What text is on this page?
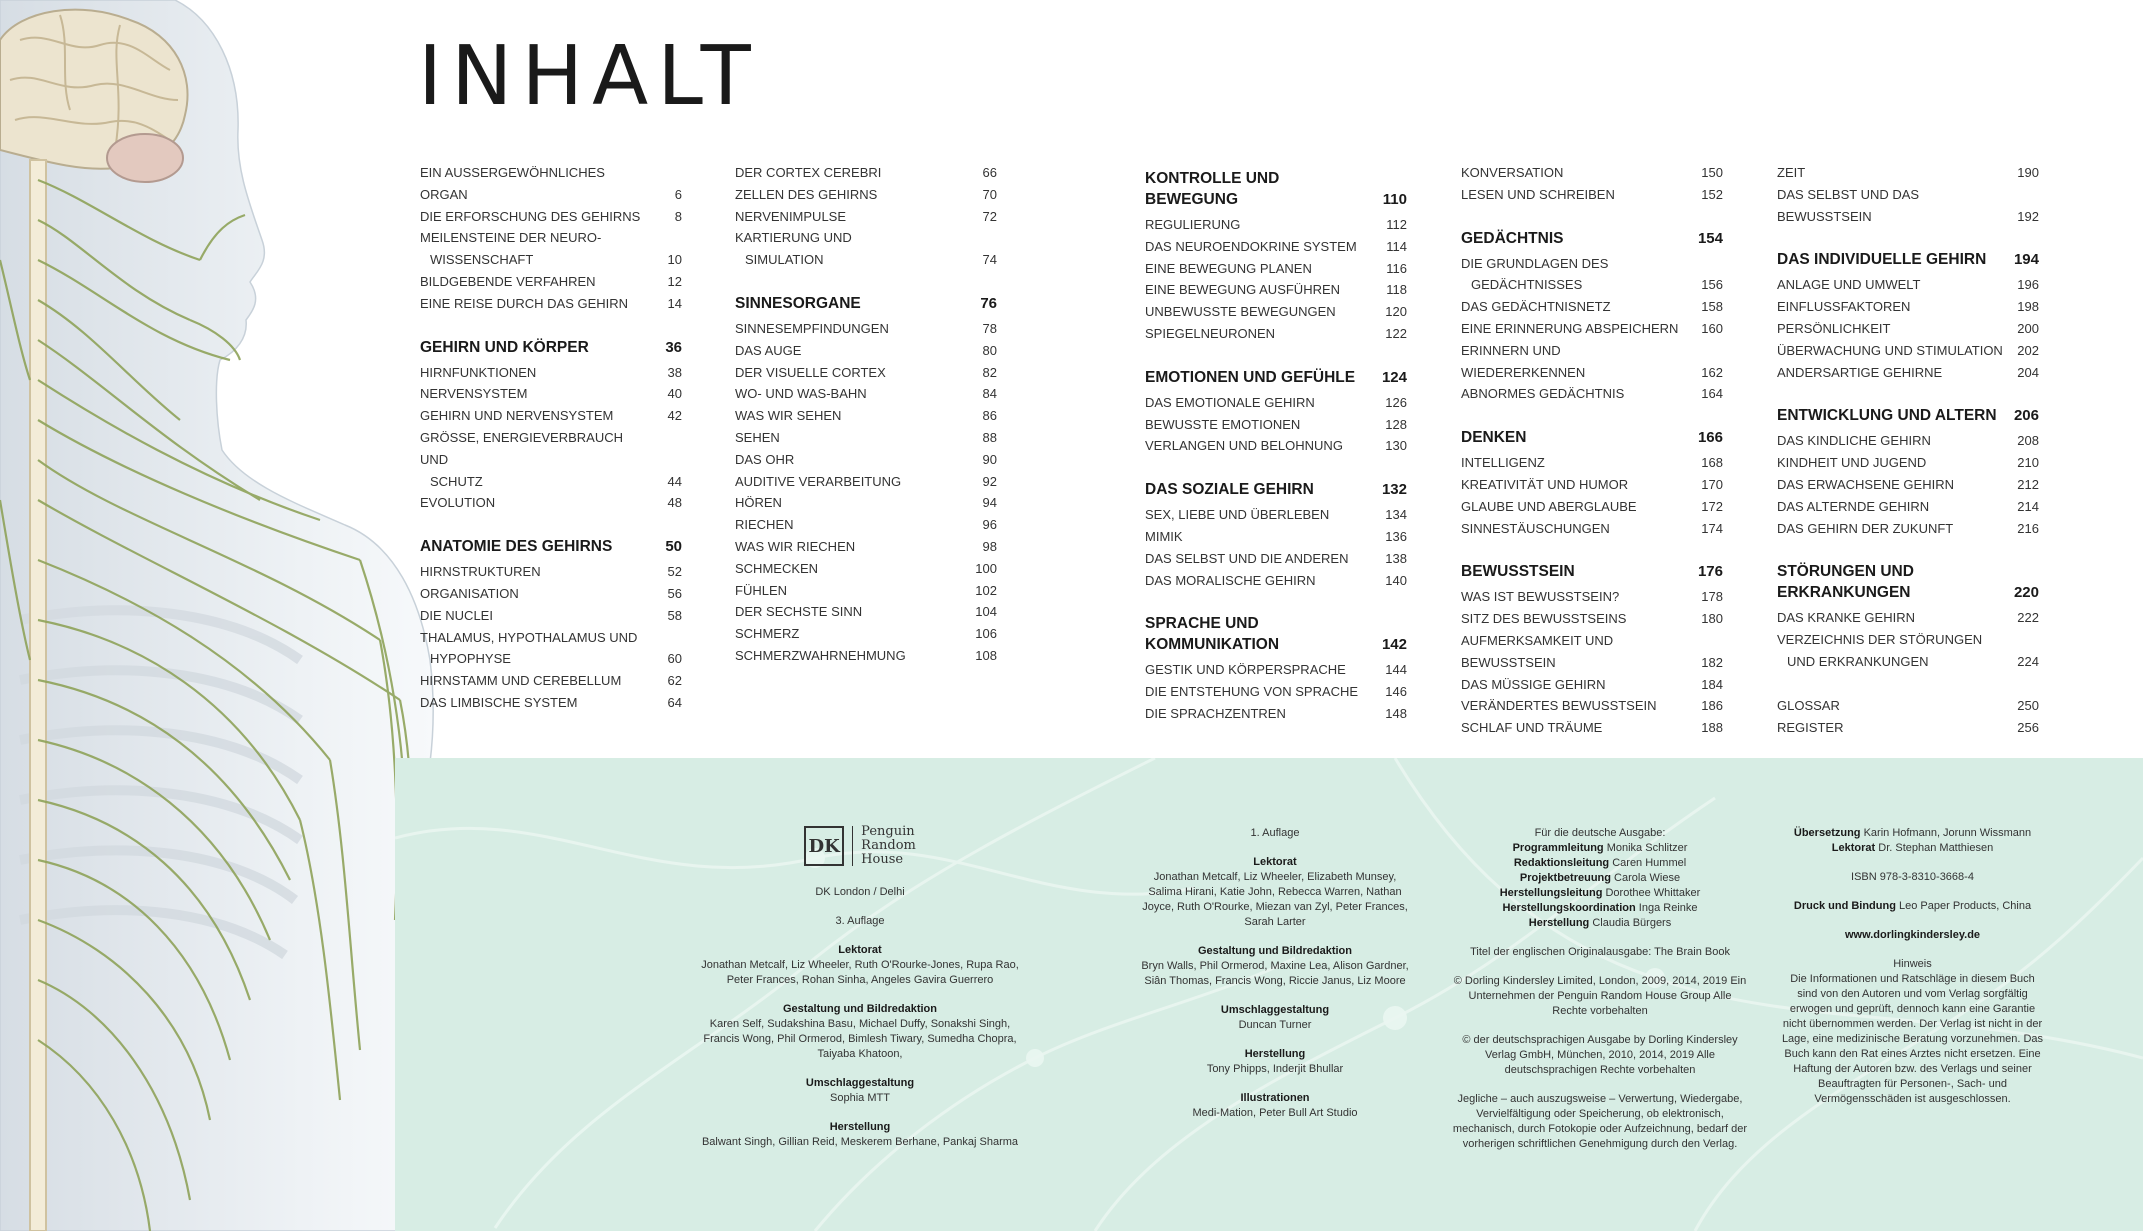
INHALT
EIN AUSSERGEWÖHNLICHES ORGAN	6
DIE ERFORSCHUNG DES GEHIRNS	8
MEILENSTEINE DER NEURO-
WISSENSCHAFT	10
BILDGEBENDE VERFAHREN	12
EINE REISE DURCH DAS GEHIRN	14
GEHIRN UND KÖRPER	36
HIRNFUNKTIONEN	38
NERVENSYSTEM	40
GEHIRN UND NERVENSYSTEM	42
GRÖSSE, ENERGIEVERBRAUCH UND
SCHUTZ	44
EVOLUTION	48
ANATOMIE DES GEHIRNS	50
HIRNSTRUKTUREN	52
ORGANISATION	56
DIE NUCLEI	58
THALAMUS, HYPOTHALAMUS UND
HYPOPHYSE	60
HIRNSTAMM UND CEREBELLUM	62
DAS LIMBISCHE SYSTEM	64
DER CORTEX CEREBRI	66
ZELLEN DES GEHIRNS	70
NERVENIMPULSE	72
KARTIERUNG UND
SIMULATION	74
SINNESORGANE	76
SINNESEMPFINDUNGEN	78
DAS AUGE	80
DER VISUELLE CORTEX	82
WO- UND WAS-BAHN	84
WAS WIR SEHEN	86
SEHEN	88
DAS OHR	90
AUDITIVE VERARBEITUNG	92
HÖREN	94
RIECHEN	96
WAS WIR RIECHEN	98
SCHMECKEN	100
FÜHLEN	102
DER SECHSTE SINN	104
SCHMERZ	106
SCHMERZWAHRNEHMUNG	108
KONTROLLE UND BEWEGUNG	110
REGULIERUNG	112
DAS NEUROENDOKRINE SYSTEM	114
EINE BEWEGUNG PLANEN	116
EINE BEWEGUNG AUSFÜHREN	118
UNBEWUSSTE BEWEGUNGEN	120
SPIEGELNEURONEN	122
EMOTIONEN UND GEFÜHLE	124
DAS EMOTIONALE GEHIRN	126
BEWUSSTE EMOTIONEN	128
VERLANGEN UND BELOHNUNG	130
DAS SOZIALE GEHIRN	132
SEX, LIEBE UND ÜBERLEBEN	134
MIMIK	136
DAS SELBST UND DIE ANDEREN	138
DAS MORALISCHE GEHIRN	140
SPRACHE UND KOMMUNIKATION	142
GESTIK UND KÖRPERSPRACHE	144
DIE ENTSTEHUNG VON SPRACHE	146
DIE SPRACHZENTREN	148
KONVERSATION	150
LESEN UND SCHREIBEN	152
GEDÄCHTNIS	154
DIE GRUNDLAGEN DES
GEDÄCHTNISSES	156
DAS GEDÄCHTNISNETZ	158
EINE ERINNERUNG ABSPEICHERN	160
ERINNERN UND WIEDERERKENNEN	162
ABNORMES GEDÄCHTNIS	164
DENKEN	166
INTELLIGENZ	168
KREATIVITÄT UND HUMOR	170
GLAUBE UND ABERGLAUBE	172
SINNESTÄUSCHUNGEN	174
BEWUSSTSEIN	176
WAS IST BEWUSSTSEIN?	178
SITZ DES BEWUSSTSEINS	180
AUFMERKSAMKEIT UND BEWUSSTSEIN	182
DAS MÜSSIGE GEHIRN	184
VERÄNDERTES BEWUSSTSEIN	186
SCHLAF UND TRÄUME	188
ZEIT	190
DAS SELBST UND DAS BEWUSSTSEIN	192
DAS INDIVIDUELLE GEHIRN	194
ANLAGE UND UMWELT	196
EINFLUSSFAKTOREN	198
PERSÖNLICHKEIT	200
ÜBERWACHUNG UND STIMULATION	202
ANDERSARTIGE GEHIRNE	204
ENTWICKLUNG UND ALTERN	206
DAS KINDLICHE GEHIRN	208
KINDHEIT UND JUGEND	210
DAS ERWACHSENE GEHIRN	212
DAS ALTERNDE GEHIRN	214
DAS GEHIRN DER ZUKUNFT	216
STÖRUNGEN UND ERKRANKUNGEN	220
DAS KRANKE GEHIRN	222
VERZEICHNIS DER STÖRUNGEN
UND ERKRANKUNGEN	224
GLOSSAR	250
REGISTER	256
DK
Penguin
Random
House

DK London / Delhi

3. Auflage

Lektorat
Jonathan Metcalf, Liz Wheeler, Ruth O'Rourke-Jones, Rupa Rao, Peter Frances, Rohan Sinha, Angeles Gavira Guerrero

Gestaltung und Bildredaktion
Karen Self, Sudakshina Basu, Michael Duffy, Sonakshi Singh, Francis Wong, Phil Ormerod, Bimlesh Tiwary, Sumedha Chopra, Taiyaba Khatoon,

Umschlaggestaltung
Sophia MTT

Herstellung
Balwant Singh, Gillian Reid, Meskerem Berhane, Pankaj Sharma

1. Auflage

Lektorat
Jonathan Metcalf, Liz Wheeler, Elizabeth Munsey, Salima Hirani, Katie John, Rebecca Warren, Nathan Joyce, Ruth O'Rourke, Miezan van Zyl, Peter Frances, Sarah Larter

Gestaltung und Bildredaktion
Bryn Walls, Phil Ormerod, Maxine Lea, Alison Gardner, Siân Thomas, Francis Wong, Riccie Janus, Liz Moore

Umschlaggestaltung
Duncan Turner

Herstellung
Tony Phipps, Inderjit Bhullar

Illustrationen
Medi-Mation, Peter Bull Art Studio

Für die deutsche Ausgabe:
Programmleitung Monika Schlitzer
Redaktionsleitung Caren Hummel
Projektbetreuung Carola Wiese
Herstellungsleitung Dorothee Whittaker
Herstellungskoordination Inga Reinke
Herstellung Claudia Bürgers

Titel der englischen Originalausgabe: The Brain Book

© Dorling Kindersley Limited, London, 2009, 2014, 2019 Ein Unternehmen der Penguin Random House Group Alle Rechte vorbehalten

© der deutschsprachigen Ausgabe by Dorling Kindersley Verlag GmbH, München, 2010, 2014, 2019 Alle deutschsprachigen Rechte vorbehalten

Jegliche – auch auszugsweise – Verwertung, Wiedergabe, Vervielfältigung oder Speicherung, ob elektronisch, mechanisch, durch Fotokopie oder Aufzeichnung, bedarf der vorherigen schriftlichen Genehmigung durch den Verlag.

Übersetzung Karin Hofmann, Jorunn Wissmann
Lektorat Dr. Stephan Matthiesen

ISBN 978-3-8310-3668-4

Druck und Bindung Leo Paper Products, China

www.dorlingkindersley.de

Hinweis
Die Informationen und Ratschläge in diesem Buch sind von den Autoren und vom Verlag sorgfältig erwogen und geprüft, dennoch kann eine Garantie nicht übernommen werden. Der Verlag ist nicht in der Lage, eine medizinische Beratung vorzunehmen. Das Buch kann den Rat eines Arztes nicht ersetzen. Eine Haftung der Autoren bzw. des Verlags und seiner Beauftragten für Personen-, Sach- und Vermögensschäden ist ausgeschlossen.
